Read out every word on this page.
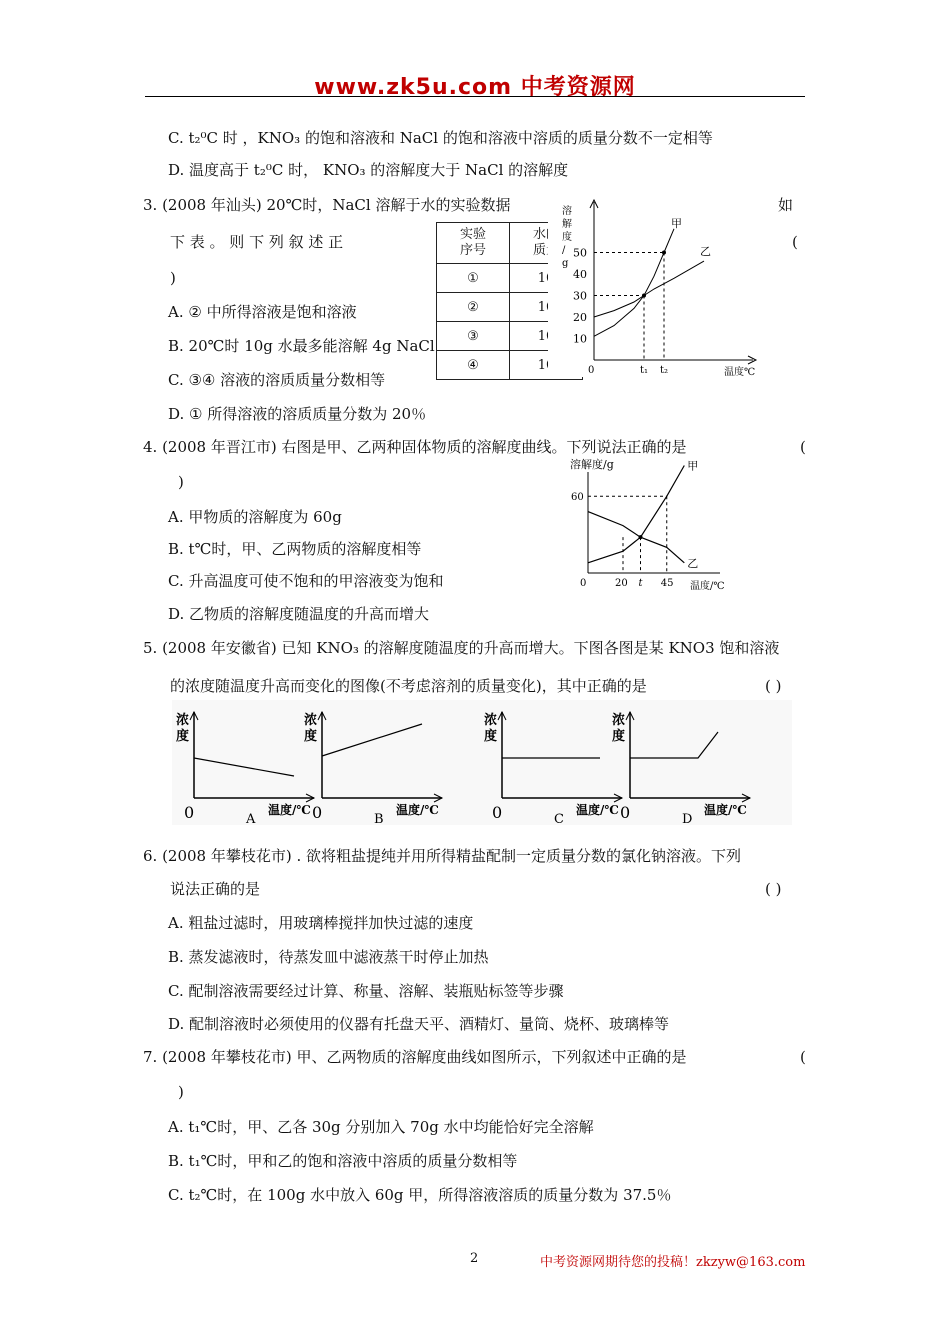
www.zk5u.com 中考资源网
C. t₂⁰C 时 ，KNO₃ 的饱和溶液和 NaCl 的饱和溶液中溶质的质量分数不一定相等
D. 温度高于 t₂⁰C 时， KNO₃ 的溶解度大于 NaCl 的溶解度
3. (2008 年汕头) 20℃时，NaCl 溶解于水的实验数据	如
下 表 。 则 下 列 叙 述 正	(
)
A. ② 中所得溶液是饱和溶液
B. 20℃时 10g 水最多能溶解 4g NaCl
C. ③④ 溶液的溶质质量分数相等
D. ① 所得溶液的溶质质量分数为 20％
实验
序号	水的
质量
①	10
②	10
③	10
④	10
10
20
30
40
50
溶
解
度
/
g
0	t₁ t₂	温度℃
甲
乙
4. (2008 年晋江市) 右图是甲、乙两种固体物质的溶解度曲线。下列说法正确的是	(
)
A. 甲物质的溶解度为 60g
B. t℃时，甲、乙两物质的溶解度相等
C. 升高温度可使不饱和的甲溶液变为饱和
D. 乙物质的溶解度随温度的升高而增大
溶解度/g
60
0	20 t 45 温度/℃
甲
乙
5. (2008 年安徽省) 已知 KNO₃ 的溶解度随温度的升高而增大。下图各图是某 KNO3 饱和溶液
的浓度随温度升高而变化的图像(不考虑溶剂的质量变化)，其中正确的是	( )
浓
度
0	温度/℃
A
浓
度
0	温度/℃
B
浓
度
0	温度/℃
C
浓
度
0	温度/℃
D
6. (2008 年攀枝花市) . 欲将粗盐提纯并用所得精盐配制一定质量分数的氯化钠溶液。下列
说法正确的是	( )
A. 粗盐过滤时，用玻璃棒搅拌加快过滤的速度
B. 蒸发滤液时，待蒸发皿中滤液蒸干时停止加热
C. 配制溶液需要经过计算、称量、溶解、装瓶贴标签等步骤
D. 配制溶液时必须使用的仪器有托盘天平、酒精灯、量筒、烧杯、玻璃棒等
7. (2008 年攀枝花市) 甲、乙两物质的溶解度曲线如图所示，下列叙述中正确的是	(
)
A. t₁℃时，甲、乙各 30g 分别加入 70g 水中均能恰好完全溶解
B. t₁℃时，甲和乙的饱和溶液中溶质的质量分数相等
C. t₂℃时，在 100g 水中放入 60g 甲，所得溶液溶质的质量分数为 37.5％
2	中考资源网期待您的投稿！zkzyw@163.com
